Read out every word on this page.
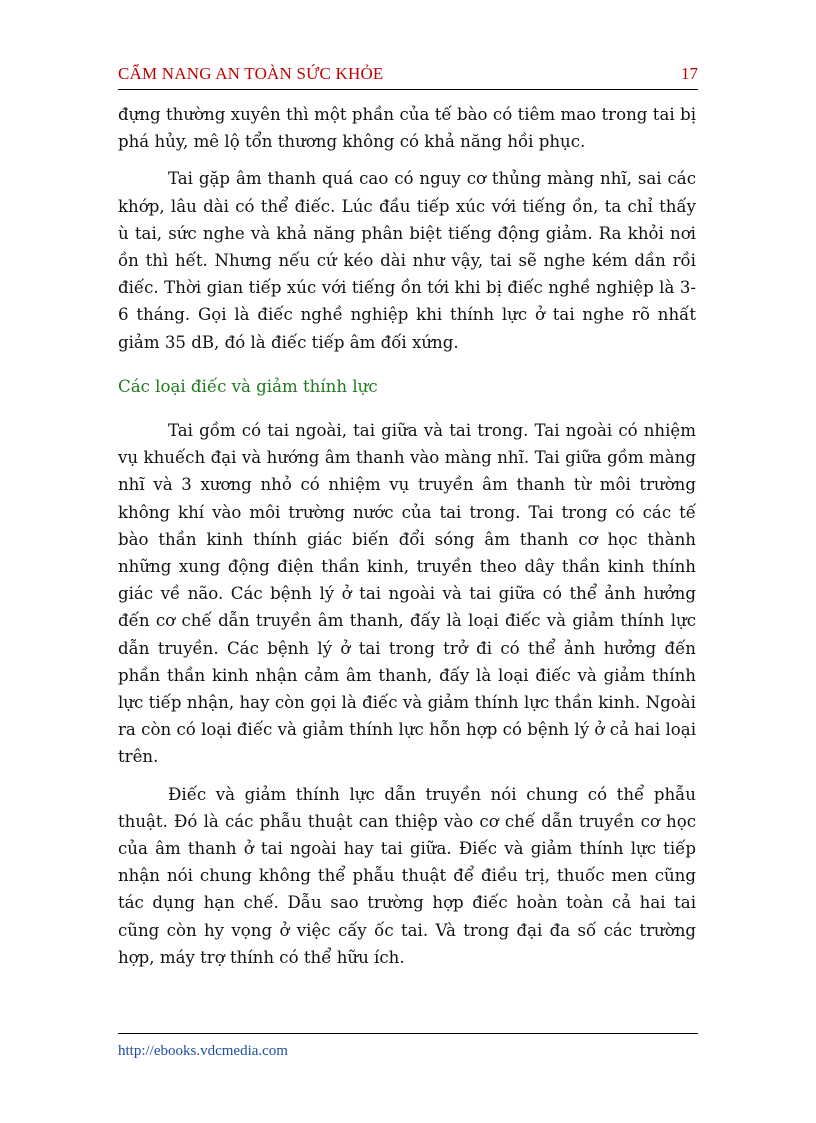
CẨM NANG AN TOÀN SỨC KHỎE	17

đựng thường xuyên thì một phần của tế bào có tiêm mao trong tai bị phá hủy, mê lộ tổn thương không có khả năng hồi phục.

Tai gặp âm thanh quá cao có nguy cơ thủng màng nhĩ, sai các khớp, lâu dài có thể điếc. Lúc đầu tiếp xúc với tiếng ồn, ta chỉ thấy ù tai, sức nghe và khả năng phân biệt tiếng động giảm. Ra khỏi nơi ồn thì hết. Nhưng nếu cứ kéo dài như vậy, tai sẽ nghe kém dần rồi điếc. Thời gian tiếp xúc với tiếng ồn tới khi bị điếc nghề nghiệp là 3-6 tháng. Gọi là điếc nghề nghiệp khi thính lực ở tai nghe rõ nhất giảm 35 dB, đó là điếc tiếp âm đối xứng.

Các loại điếc và giảm thính lực

Tai gồm có tai ngoài, tai giữa và tai trong. Tai ngoài có nhiệm vụ khuếch đại và hướng âm thanh vào màng nhĩ. Tai giữa gồm màng nhĩ và 3 xương nhỏ có nhiệm vụ truyền âm thanh từ môi trường không khí vào môi trường nước của tai trong. Tai trong có các tế bào thần kinh thính giác biến đổi sóng âm thanh cơ học thành những xung động điện thần kinh, truyền theo dây thần kinh thính giác về não. Các bệnh lý ở tai ngoài và tai giữa có thể ảnh hưởng đến cơ chế dẫn truyền âm thanh, đấy là loại điếc và giảm thính lực dẫn truyền. Các bệnh lý ở tai trong trở đi có thể ảnh hưởng đến phần thần kinh nhận cảm âm thanh, đấy là loại điếc và giảm thính lực tiếp nhận, hay còn gọi là điếc và giảm thính lực thần kinh. Ngoài ra còn có loại điếc và giảm thính lực hỗn hợp có bệnh lý ở cả hai loại trên.

Điếc và giảm thính lực dẫn truyền nói chung có thể phẫu thuật. Đó là các phẫu thuật can thiệp vào cơ chế dẫn truyền cơ học của âm thanh ở tai ngoài hay tai giữa. Điếc và giảm thính lực tiếp nhận nói chung không thể phẫu thuật để điều trị, thuốc men cũng tác dụng hạn chế. Dẫu sao trường hợp điếc hoàn toàn cả hai tai cũng còn hy vọng ở việc cấy ốc tai. Và trong đại đa số các trường hợp, máy trợ thính có thể hữu ích.

http://ebooks.vdcmedia.com
